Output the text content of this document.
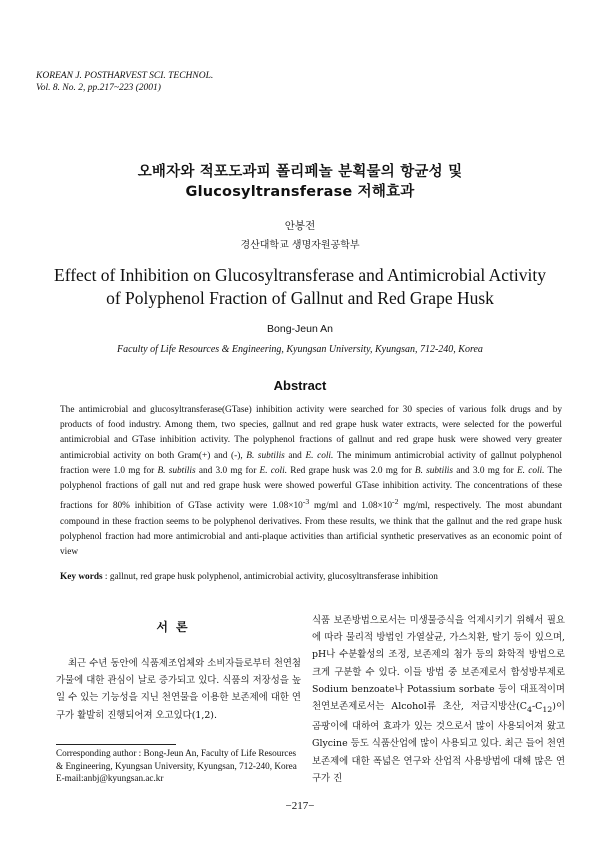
KOREAN J. POSTHARVEST SCI. TECHNOL.
Vol. 8. No. 2, pp.217~223 (2001)
오배자와 적포도과피 폴리페놀 분획물의 항균성 및
Glucosyltransferase 저해효과
안봉전
경산대학교 생명자원공학부
Effect of Inhibition on Glucosyltransferase and Antimicrobial Activity
of Polyphenol Fraction of Gallnut and Red Grape Husk
Bong-Jeun An
Faculty of Life Resources & Engineering, Kyungsan University, Kyungsan, 712-240, Korea
Abstract
The antimicrobial and glucosyltransferase(GTase) inhibition activity were searched for 30 species of various folk drugs and by products of food industry. Among them, two species, gallnut and red grape husk water extracts, were selected for the powerful antimicrobial and GTase inhibition activity. The polyphenol fractions of gallnut and red grape husk were showed very greater antimicrobial activity on both Gram(+) and (-), B. subtilis and E. coli. The minimum antimicrobial activity of gallnut polyphenol fraction were 1.0 mg for B. subtilis and 3.0 mg for E. coli. Red grape husk was 2.0 mg for B. subtilis and 3.0 mg for E. coli. The polyphenol fractions of gall nut and red grape husk were showed powerful GTase inhibition activity. The concentrations of these fractions for 80% inhibition of GTase activity were $1.08\times 10^{-3}$ mg/ml and $1.08\times 10^{-2}$ mg/ml, respectively. The most abundant compound in these fraction seems to be polyphenol derivatives. From these results, we think that the gallnut and the red grape husk polyphenol fraction had more antimicrobial and anti-plaque activities than artificial synthetic preservatives as an economic point of view
Key words : gallnut, red grape husk polyphenol, antimicrobial activity, glucosyltransferase inhibition
서론
최근 수년 동안에 식품제조업체와 소비자들로부터 천연첨가물에 대한 관심이 날로 증가되고 있다. 식품의 저장성을 높일 수 있는 기능성을 지닌 천연물을 이용한 보존제에 대한 연구가 활발히 진행되어져 오고있다(1,2).
식품 보존방법으로서는 미생물증식을 억제시키기 위해서 필요에 따라 물리적 방법인 가열살균, 가스치환, 탈기 등이 있으며, pH나 수분활성의 조정, 보존제의 첨가 등의 화학적 방법으로 크게 구분할 수 있다. 이들 방법 중 보존제로서 합성방부제로 Sodium benzoate나 Potassium sorbate 등이 대표적이며 천연보존제로서는 Alcohol류 초산, 저급지방산$(C_4-C_{12})$이 곰팡이에 대하여 효과가 있는 것으로서 많이 사용되어져 왔고 Glycine 등도 식품산업에 많이 사용되고 있다. 최근 들어 천연보존제에 대한 폭넓은 연구와 산업적 사용방법에 대해 많은 연구가 진
Corresponding author : Bong-Jeun An, Faculty of Life Resources & Engineering, Kyungsan University, Kyungsan, 712-240, Korea
E-mail:anbj@kyungsan.ac.kr
−217−
